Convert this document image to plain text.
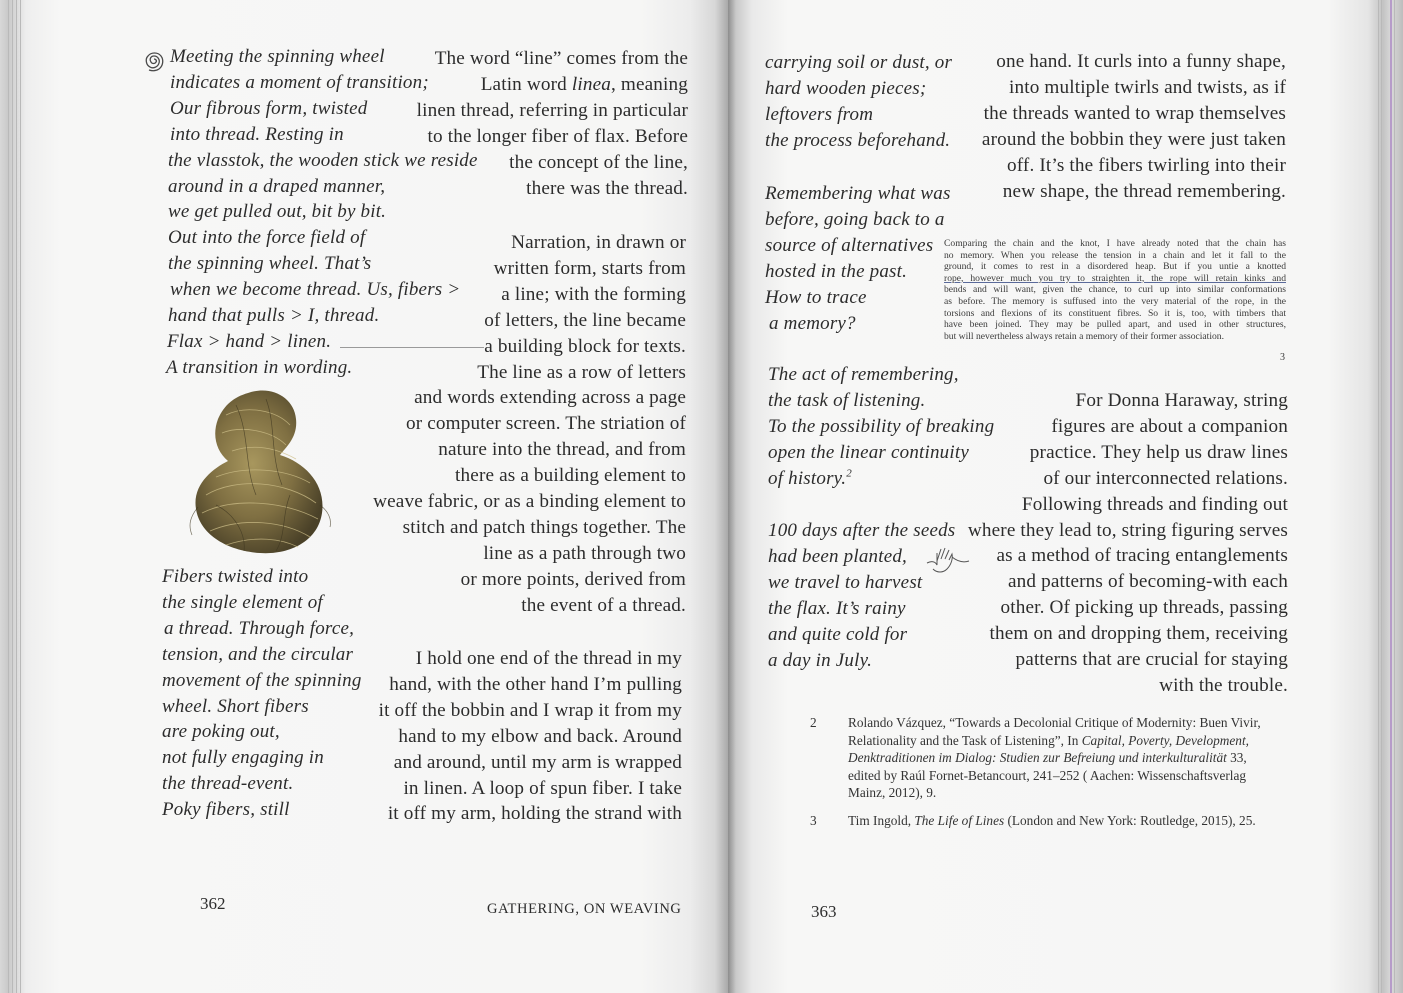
Meeting the spinning wheel
indicates a moment of transition;
Our fibrous form, twisted
into thread. Resting in
the vlasstok, the wooden stick we reside
around in a draped manner,
we get pulled out, bit by bit.
Out into the force field of
the spinning wheel. That’s
when we become thread. Us, fibers >
hand that pulls > I, thread.
Flax > hand > linen.
A transition in wording.
The word “line” comes from the
Latin word linea, meaning
linen thread, referring in particular
to the longer fiber of flax. Before
the concept of the line,
there was the thread.
Narration, in drawn or
written form, starts from
a line; with the forming
of letters, the line became
a building block for texts.
The line as a row of letters
and words extending across a page
or computer screen. The striation of
nature into the thread, and from
there as a building element to
weave fabric, or as a binding element to
stitch and patch things together. The
line as a path through two
or more points, derived from
the event of a thread.
Fibers twisted into
the single element of
a thread. Through force,
tension, and the circular
movement of the spinning
wheel. Short fibers
are poking out,
not fully engaging in
the thread-event.
Poky fibers, still
I hold one end of the thread in my
hand, with the other hand I’m pulling
it off the bobbin and I wrap it from my
hand to my elbow and back. Around
and around, until my arm is wrapped
in linen. A loop of spun fiber. I take
it off my arm, holding the strand with
362	GATHERING, ON WEAVING
carrying soil or dust, or
hard wooden pieces;
leftovers from
the process beforehand.
one hand. It curls into a funny shape,
into multiple twirls and twists, as if
the threads wanted to wrap themselves
around the bobbin they were just taken
off. It’s the fibers twirling into their
new shape, the thread remembering.
Remembering what was
before, going back to a
source of alternatives
hosted in the past.
How to trace
a memory?
Comparing the chain and the knot, I have already noted that the chain has
no memory. When you release the tension in a chain and let it fall to the
ground, it comes to rest in a disordered heap. But if you untie a knotted
rope, however much you try to straighten it, the rope will retain kinks and
bends and will want, given the chance, to curl up into similar conformations
as before. The memory is suffused into the very material of the rope, in the
torsions and flexions of its constituent fibres. So it is, too, with timbers that
have been joined. They may be pulled apart, and used in other structures,
but will nevertheless always retain a memory of their former association.
3
The act of remembering,
the task of listening.
To the possibility of breaking
open the linear continuity
of history.$^2$
For Donna Haraway, string
figures are about a companion
practice. They help us draw lines
of our interconnected relations.
Following threads and finding out
where they lead to, string figuring serves
as a method of tracing entanglements
and patterns of becoming-with each
other. Of picking up threads, passing
them on and dropping them, receiving
patterns that are crucial for staying
with the trouble.
100 days after the seeds
had been planted,
we travel to harvest
the flax. It’s rainy
and quite cold for
a day in July.
2 Rolando Vázquez, “Towards a Decolonial Critique of Modernity: Buen Vivir,
Relationality and the Task of Listening”, In Capital, Poverty, Development,
Denktraditionen im Dialog: Studien zur Befreiung und interkulturalität 33,
edited by Raúl Fornet-Betancourt, 241–252 ( Aachen: Wissenschaftsverlag
Mainz, 2012), 9.
3 Tim Ingold, The Life of Lines (London and New York: Routledge, 2015), 25.
363
